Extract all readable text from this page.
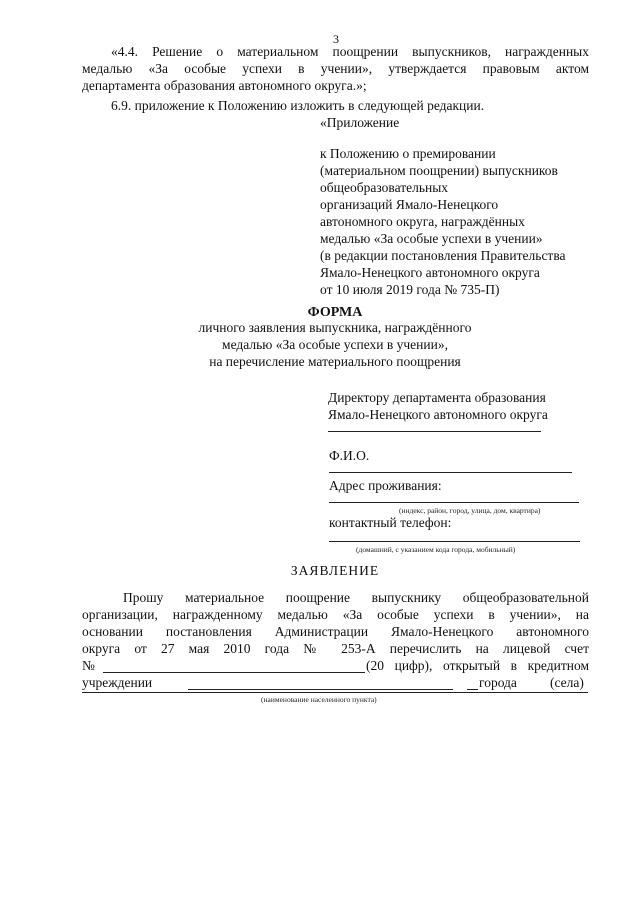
3
«4.4. Решение о материальном поощрении выпускников, награжденных
медалью «За особые успехи в учении», утверждается правовым актом
департамента образования автономного округа.»;
6.9. приложение к Положению изложить в следующей редакции.
«Приложение
к Положению о премировании
(материальном поощрении) выпускников
общеобразовательных
организаций Ямало-Ненецкого
автономного округа, награждённых
медалью «За особые успехи в учении»
(в редакции постановления Правительства
Ямало-Ненецкого автономного округа
от 10 июля 2019 года № 735-П)
ФОРМА
личного заявления выпускника, награждённого
медалью «За особые успехи в учении»,
на перечисление материального поощрения
Директору департамента образования
Ямало-Ненецкого автономного округа
Ф.И.О.
Адрес проживания:
(индекс, район, город, улица, дом, квартира)
контактный телефон:
(домашний, с указанием кода города, мобильный)
ЗАЯВЛЕНИЕ
Прошу материальное поощрение выпускнику общеобразовательной
организации, награжденному медалью «За особые успехи в учении», на
основании постановления Администрации Ямало-Ненецкого автономного
округа от 27 мая 2010 года № 253-А перечислить на лицевой счет
№	(20 цифр), открытый в кредитном
учреждении	города (села)
(наименование населенного пункта)
